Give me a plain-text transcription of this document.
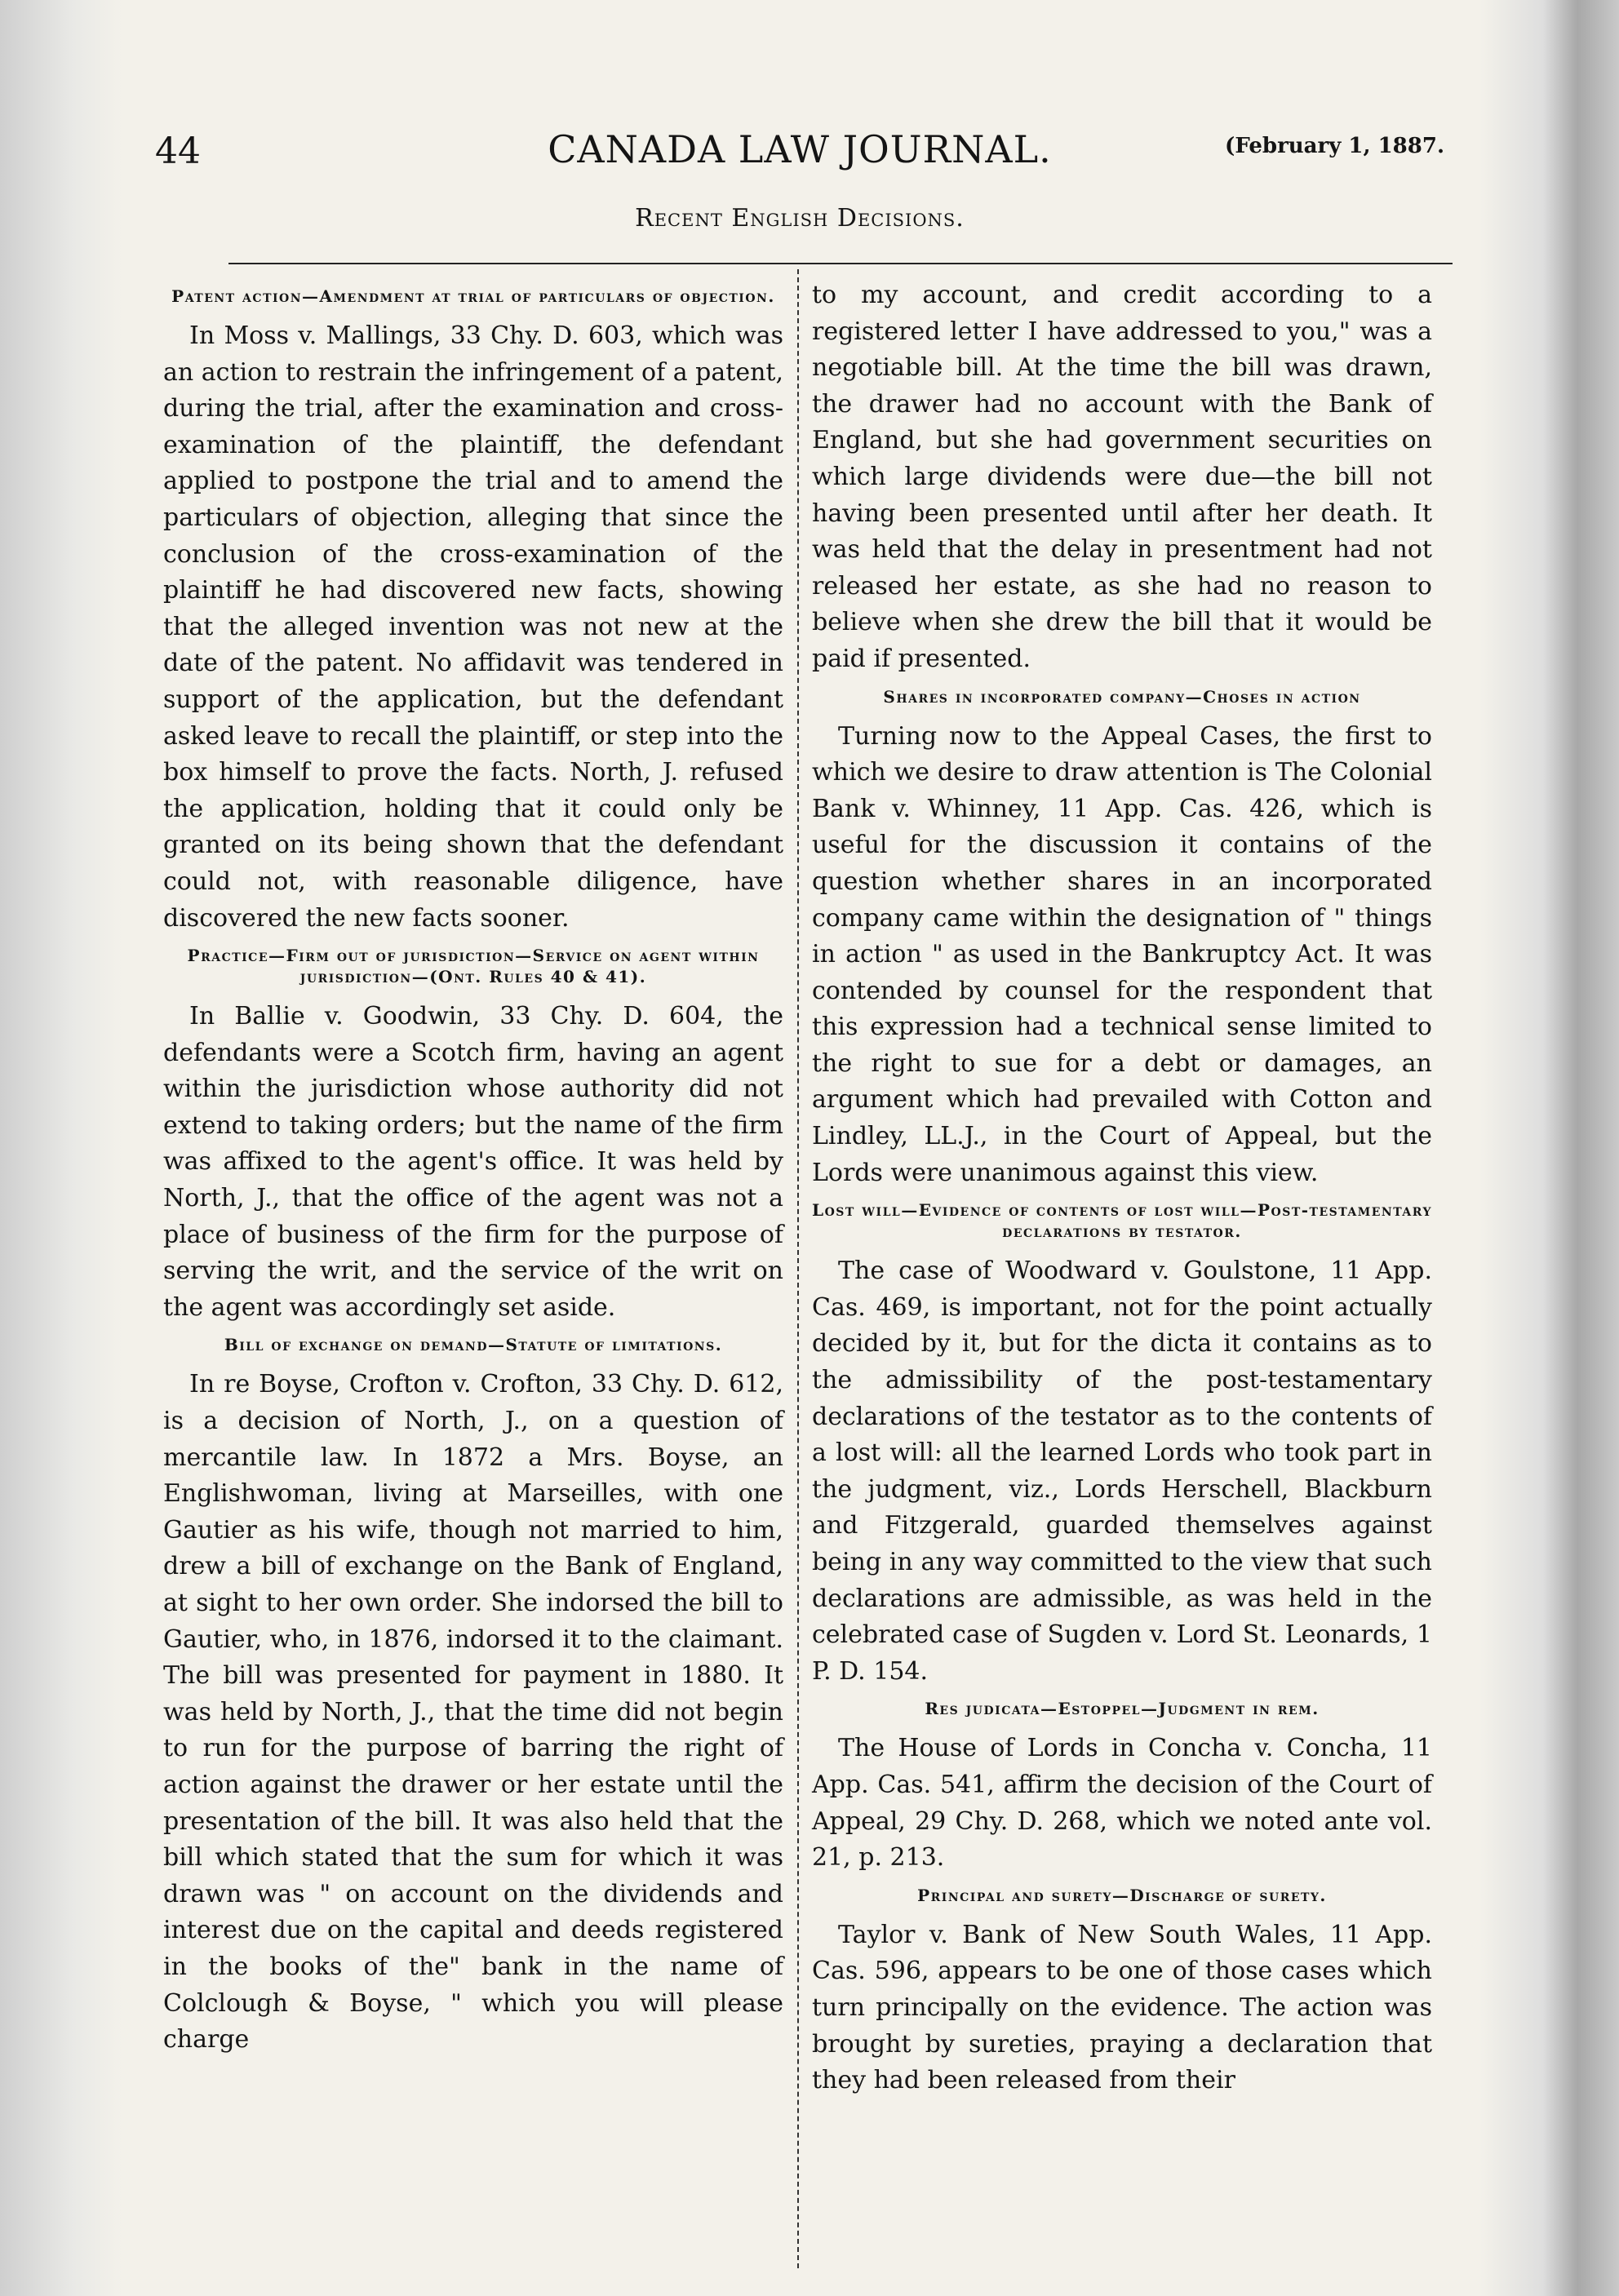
44	CANADA LAW JOURNAL.	(February 1, 1887.
Recent English Decisions.
Patent action—Amendment at trial of particulars of objection.

In Moss v. Mallings, 33 Chy. D. 603, which was an action to restrain the infringement of a patent, during the trial, after the examination and cross-examination of the plaintiff, the defendant applied to postpone the trial and to amend the particulars of objection, alleging that since the conclusion of the cross-examination of the plaintiff he had discovered new facts, showing that the alleged invention was not new at the date of the patent. No affidavit was tendered in support of the application, but the defendant asked leave to recall the plaintiff, or step into the box himself to prove the facts. North, J. refused the application, holding that it could only be granted on its being shown that the defendant could not, with reasonable diligence, have discovered the new facts sooner.

Practice—Firm out of jurisdiction—Service on agent within jurisdiction—(Ont. Rules 40 & 41).

In Ballie v. Goodwin, 33 Chy. D. 604, the defendants were a Scotch firm, having an agent within the jurisdiction whose authority did not extend to taking orders; but the name of the firm was affixed to the agent's office. It was held by North, J., that the office of the agent was not a place of business of the firm for the purpose of serving the writ, and the service of the writ on the agent was accordingly set aside.

Bill of exchange on demand—Statute of limitations.

In re Boyse, Crofton v. Crofton, 33 Chy. D. 612, is a decision of North, J., on a question of mercantile law. In 1872 a Mrs. Boyse, an Englishwoman, living at Marseilles, with one Gautier as his wife, though not married to him, drew a bill of exchange on the Bank of England, at sight to her own order. She indorsed the bill to Gautier, who, in 1876, indorsed it to the claimant. The bill was presented for payment in 1880. It was held by North, J., that the time did not begin to run for the purpose of barring the right of action against the drawer or her estate until the presentation of the bill. It was also held that the bill which stated that the sum for which it was drawn was " on account on the dividends and interest due on the capital and deeds registered in the books of the" bank in the name of Colclough & Boyse, " which you will please charge

to my account, and credit according to a registered letter I have addressed to you," was a negotiable bill. At the time the bill was drawn, the drawer had no account with the Bank of England, but she had government securities on which large dividends were due—the bill not having been presented until after her death. It was held that the delay in presentment had not released her estate, as she had no reason to believe when she drew the bill that it would be paid if presented.

Shares in incorporated company—Choses in action

Turning now to the Appeal Cases, the first to which we desire to draw attention is The Colonial Bank v. Whinney, 11 App. Cas. 426, which is useful for the discussion it contains of the question whether shares in an incorporated company came within the designation of " things in action " as used in the Bankruptcy Act. It was contended by counsel for the respondent that this expression had a technical sense limited to the right to sue for a debt or damages, an argument which had prevailed with Cotton and Lindley, LL.J., in the Court of Appeal, but the Lords were unanimous against this view.

Lost will—Evidence of contents of lost will—Post-testamentary declarations by testator.

The case of Woodward v. Goulstone, 11 App. Cas. 469, is important, not for the point actually decided by it, but for the dicta it contains as to the admissibility of the post-testamentary declarations of the testator as to the contents of a lost will: all the learned Lords who took part in the judgment, viz., Lords Herschell, Blackburn and Fitzgerald, guarded themselves against being in any way committed to the view that such declarations are admissible, as was held in the celebrated case of Sugden v. Lord St. Leonards, 1 P. D. 154.

Res judicata—Estoppel—Judgment in rem.

The House of Lords in Concha v. Concha, 11 App. Cas. 541, affirm the decision of the Court of Appeal, 29 Chy. D. 268, which we noted ante vol. 21, p. 213.

Principal and surety—Discharge of surety.

Taylor v. Bank of New South Wales, 11 App. Cas. 596, appears to be one of those cases which turn principally on the evidence. The action was brought by sureties, praying a declaration that they had been released from their
